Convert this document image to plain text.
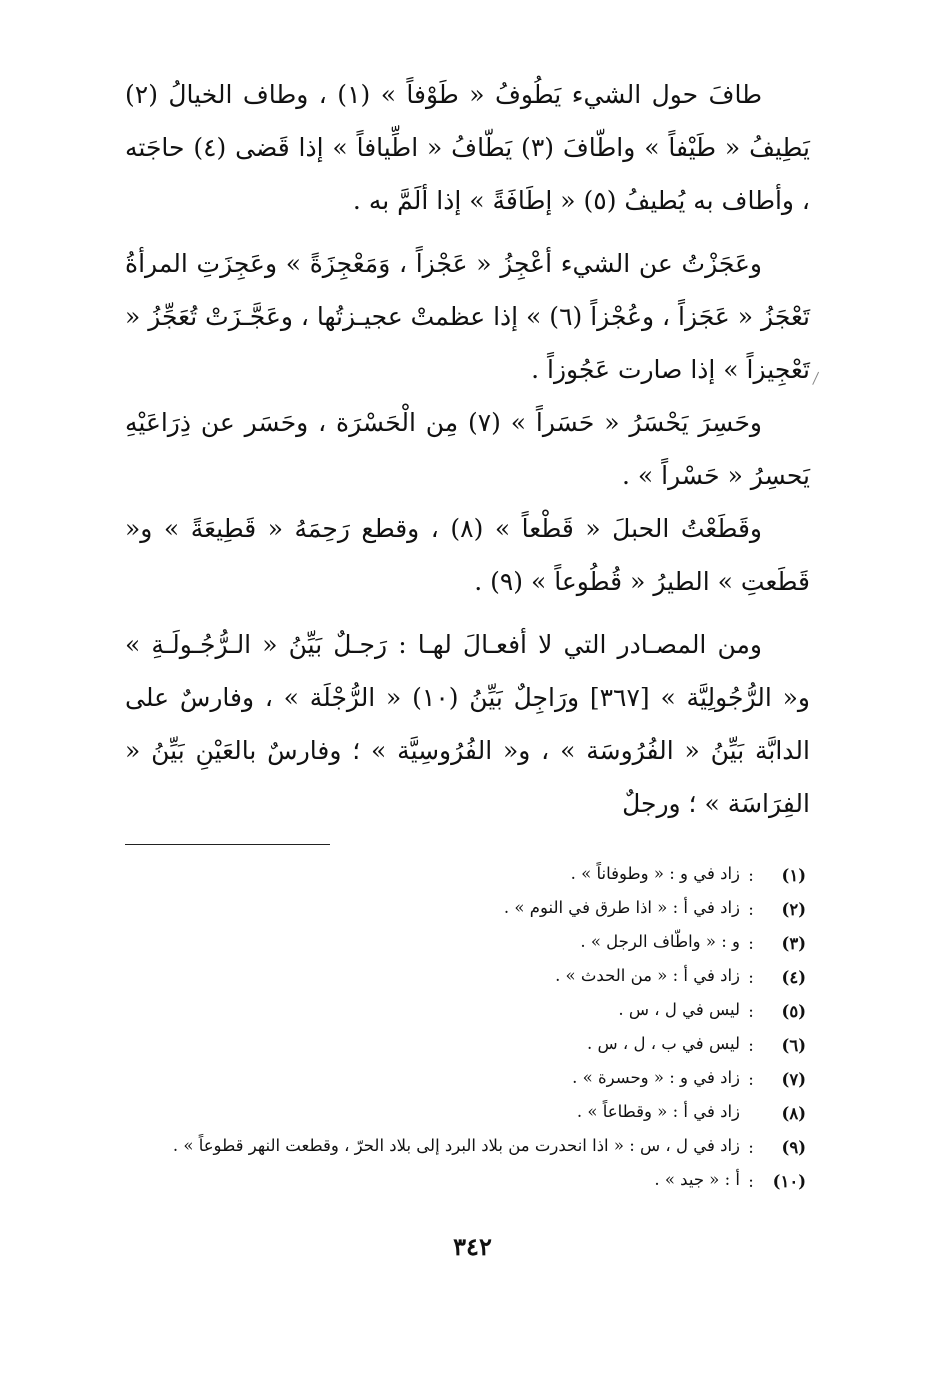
طافَ حول الشيء يَطُوفُ « طَوْفاً » (١) ، وطاف الخيالُ (٢) يَطِيفُ « طَيْفاً » واطّافَ (٣) يَطّافُ « اطِّيافاً » إذا قَضى (٤) حاجَته ، وأطاف به يُطيفُ (٥) « إطَافَةً » إذا ألَمَّ به .

وعَجَزْتُ عن الشيء أعْجِزُ « عَجْزاً ، وَمَعْجِزَةً » وعَجِزَتِ المرأةُ تَعْجَزُ « عَجَزاً ، وعُجْزاً (٦) » إذا عظمتْ عجيـزتُها ، وعَجَّـزَتْ تُعَجِّزُ « تَعْجِيزاً » إذا صارت عَجُوزاً .

وحَسِرَ يَحْسَرُ « حَسَراً » (٧) مِن الْحَسْرَة ، وحَسَر عن ذِرَاعَيْهِ يَحسِرُ « حَسْراً » .

وقَطَعْتُ الحبلَ « قَطْعاً » (٨) ، وقطع رَحِمَهُ « قَطِيعَةً » و« قَطَعتِ » الطيرُ « قُطُوعاً » (٩) .

ومن المصـادر التي لا أفعـالَ لهـا : رَجـلٌ بَيِّنُ « الـرُّجُـولَـةِ » و« الرُّجُولِيَّة » [٣٦٧] ورَاجِلٌ بَيِّنُ (١٠) « الرُّجْلَة » ، وفارسٌ على الدابَّة بَيِّنُ « الفُرُوسَة » ، و« الفُرُوسِيَّة » ؛ وفارسٌ بالعَيْنِ بَيِّنُ « الفِرَاسَة » ؛ ورجلٌ

(١)
:
زاد في و : « وطوفاناً » .
(٢)
:
زاد في أ : « اذا طرق في النوم » .
(٣)
:
و : « واطّاف الرجل » .
(٤)
:
زاد في أ : « من الحدث » .
(٥)
:
ليس في ل ، س .
(٦)
:
ليس في ب ، ل ، س .
(٧)
:
زاد في و : « وحسرة » .
(٨)
زاد في أ : « وقطاعاً » .
(٩)
:
زاد في ل ، س : « اذا انحدرت من بلاد البرد إلى بلاد الحرّ ، وقطعت النهر قطوعاً » .
(١٠)
:
أ : « جيد » .
٣٤٢
